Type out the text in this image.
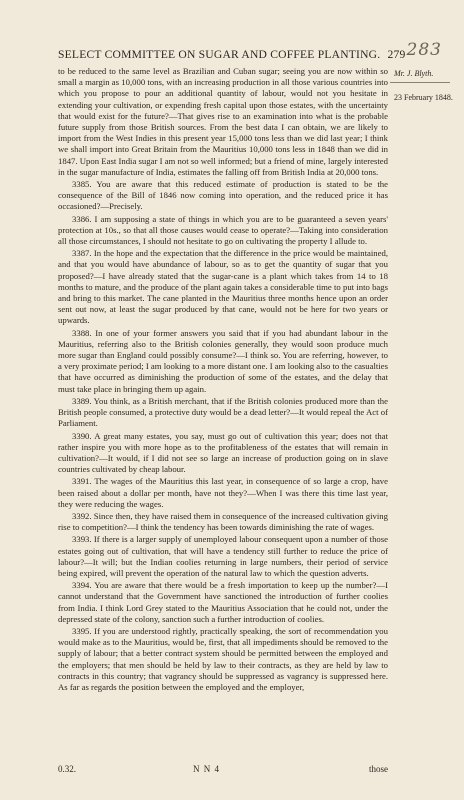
SELECT COMMITTEE ON SUGAR AND COFFEE PLANTING. 279 283
Mr. J. Blyth.
23 February 1848.

to be reduced to the same level as Brazilian and Cuban sugar; seeing you are now within so small a margin as 10,000 tons, with an increasing production in all those various countries into which you propose to pour an additional quantity of labour, would not you hesitate in extending your cultivation, or expending fresh capital upon those estates, with the uncertainty that would exist for the future?—That gives rise to an examination into what is the probable future supply from those British sources. From the best data I can obtain, we are likely to import from the West Indies in this present year 15,000 tons less than we did last year; I think we shall import into Great Britain from the Mauritius 10,000 tons less in 1848 than we did in 1847. Upon East India sugar I am not so well informed; but a friend of mine, largely interested in the sugar manufacture of India, estimates the falling off from British India at 20,000 tons.

3385. You are aware that this reduced estimate of production is stated to be the consequence of the Bill of 1846 now coming into operation, and the reduced price it has occasioned?—Precisely.

3386. I am supposing a state of things in which you are to be guaranteed a seven years' protection at 10s., so that all those causes would cease to operate?—Taking into consideration all those circumstances, I should not hesitate to go on cultivating the property I allude to.

3387. In the hope and the expectation that the difference in the price would be maintained, and that you would have abundance of labour, so as to get the quantity of sugar that you proposed?—I have already stated that the sugar-cane is a plant which takes from 14 to 18 months to mature, and the produce of the plant again takes a considerable time to put into bags and bring to this market. The cane planted in the Mauritius three months hence upon an order sent out now, at least the sugar produced by that cane, would not be here for two years or upwards.

3388. In one of your former answers you said that if you had abundant labour in the Mauritius, referring also to the British colonies generally, they would soon produce much more sugar than England could possibly consume?—I think so. You are referring, however, to a very proximate period; I am looking to a more distant one. I am looking also to the casualties that have occurred as diminishing the production of some of the estates, and the delay that must take place in bringing them up again.

3389. You think, as a British merchant, that if the British colonies produced more than the British people consumed, a protective duty would be a dead letter?—It would repeal the Act of Parliament.

3390. A great many estates, you say, must go out of cultivation this year; does not that rather inspire you with more hope as to the profitableness of the estates that will remain in cultivation?—It would, if I did not see so large an increase of production going on in slave countries cultivated by cheap labour.

3391. The wages of the Mauritius this last year, in consequence of so large a crop, have been raised about a dollar per month, have not they?—When I was there this time last year, they were reducing the wages.

3392. Since then, they have raised them in consequence of the increased cultivation giving rise to competition?—I think the tendency has been towards diminishing the rate of wages.

3393. If there is a larger supply of unemployed labour consequent upon a number of those estates going out of cultivation, that will have a tendency still further to reduce the price of labour?—It will; but the Indian coolies returning in large numbers, their period of service being expired, will prevent the operation of the natural law to which the question adverts.

3394. You are aware that there would be a fresh importation to keep up the number?—I cannot understand that the Government have sanctioned the introduction of further coolies from India. I think Lord Grey stated to the Mauritius Association that he could not, under the depressed state of the colony, sanction such a further introduction of coolies.

3395. If you are understood rightly, practically speaking, the sort of recommendation you would make as to the Mauritius, would be, first, that all impediments should be removed to the supply of labour; that a better contract system should be permitted between the employed and the employers; that men should be held by law to their contracts, as they are held by law to contracts in this country; that vagrancy should be suppressed as vagrancy is suppressed here. As far as regards the position between the employed and the employer,

0.32.	N N 4	those
